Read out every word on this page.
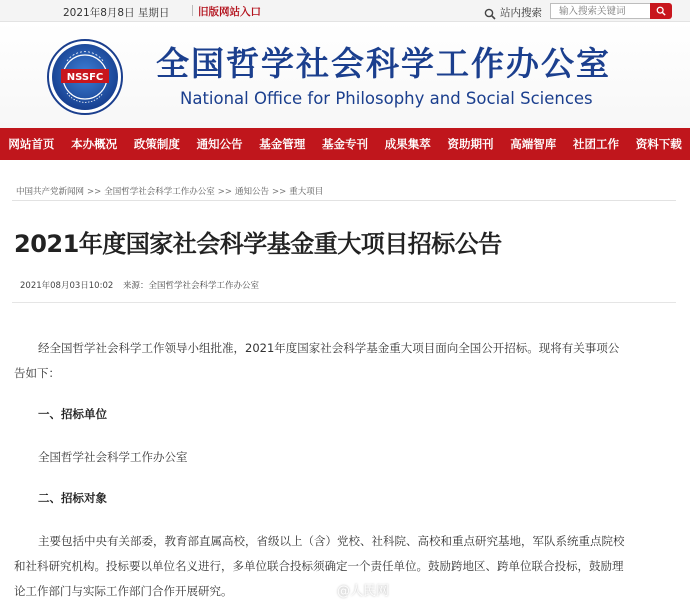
2021年8月8日 星期日	旧版网站入口	站内搜索
输入搜索关键词
NSSFC 全国哲学社会科学工作办公室
National Office for Philosophy and Social Sciences
网站首页	本办概况	政策制度	通知公告	基金管理	基金专刊	成果集萃	资助期刊	高端智库	社团工作	资料下载
中国共产党新闻网 >> 全国哲学社会科学工作办公室 >> 通知公告 >> 重大项目
2021年度国家社会科学基金重大项目招标公告
2021年08月03日10:02 来源：全国哲学社会科学工作办公室
经全国哲学社会科学工作领导小组批准，2021年度国家社会科学基金重大项目面向全国公开招标。现将有关事项公
告如下：
一、招标单位
全国哲学社会科学工作办公室
二、招标对象
主要包括中央有关部委，教育部直属高校，省级以上（含）党校、社科院、高校和重点研究基地，军队系统重点院校
和社科研究机构。投标要以单位名义进行，多单位联合投标须确定一个责任单位。鼓励跨地区、跨单位联合投标，鼓励理
论工作部门与实际工作部门合作开展研究。	@人民网
